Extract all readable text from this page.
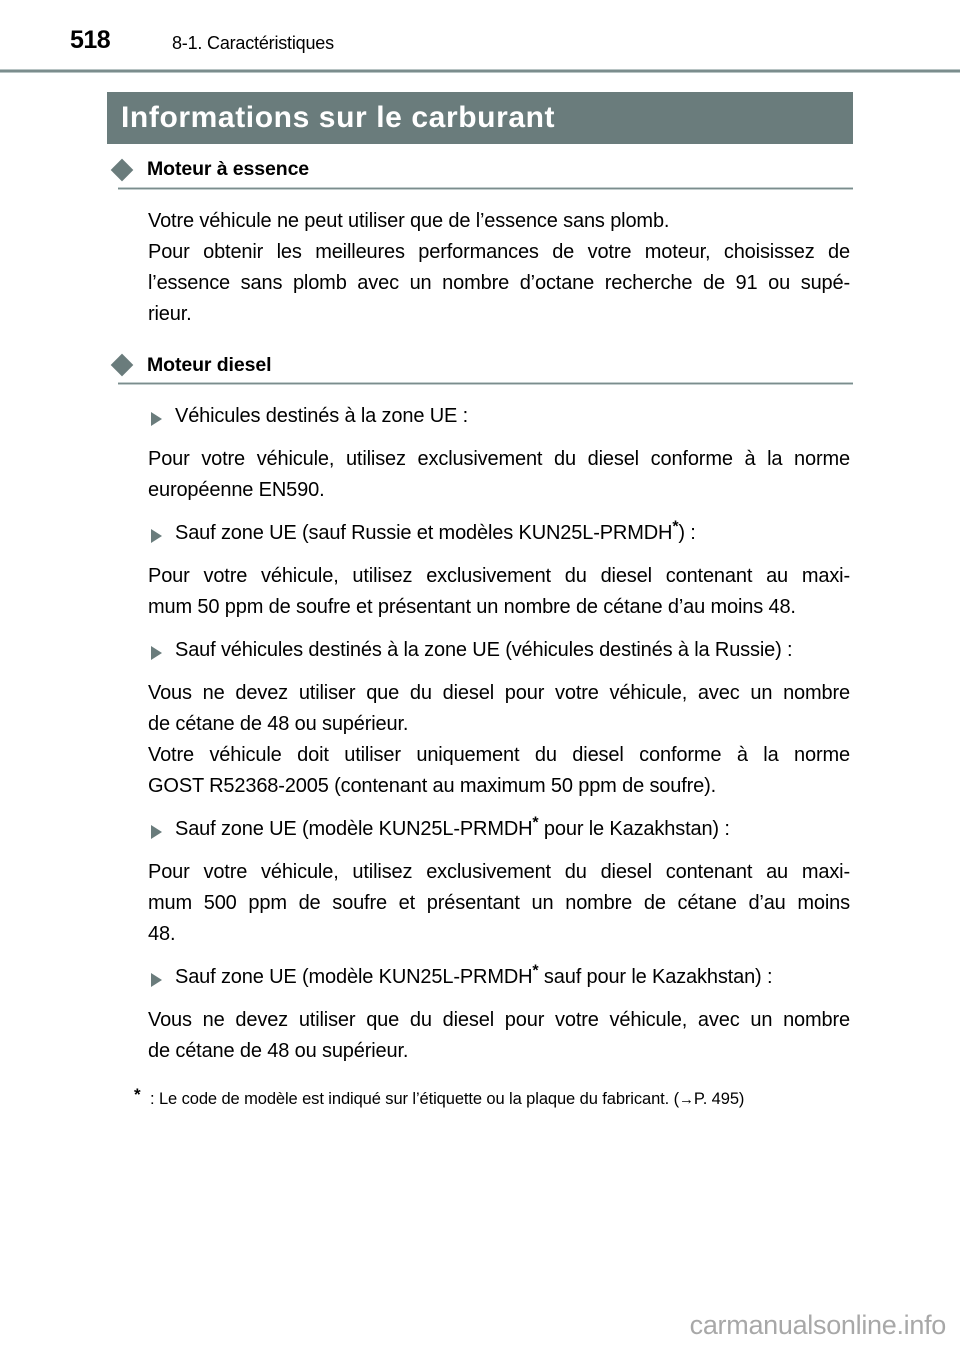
518	8-1. Caractéristiques
Informations sur le carburant
Moteur à essence
Votre véhicule ne peut utiliser que de l’essence sans plomb.
Pour obtenir les meilleures performances de votre moteur, choisissez de
l’essence sans plomb avec un nombre d’octane recherche de 91 ou supé-
rieur.
Moteur diesel
Véhicules destinés à la zone UE :
Pour votre véhicule, utilisez exclusivement du diesel conforme à la norme
européenne EN590.
Sauf zone UE (sauf Russie et modèles KUN25L-PRMDH*) :
Pour votre véhicule, utilisez exclusivement du diesel contenant au maxi-
mum 50 ppm de soufre et présentant un nombre de cétane d’au moins 48.
Sauf véhicules destinés à la zone UE (véhicules destinés à la Russie) :
Vous ne devez utiliser que du diesel pour votre véhicule, avec un nombre
de cétane de 48 ou supérieur.
Votre véhicule doit utiliser uniquement du diesel conforme à la norme
GOST R52368-2005 (contenant au maximum 50 ppm de soufre).
Sauf zone UE (modèle KUN25L-PRMDH* pour le Kazakhstan) :
Pour votre véhicule, utilisez exclusivement du diesel contenant au maxi-
mum 500 ppm de soufre et présentant un nombre de cétane d’au moins
48.
Sauf zone UE (modèle KUN25L-PRMDH* sauf pour le Kazakhstan) :
Vous ne devez utiliser que du diesel pour votre véhicule, avec un nombre
de cétane de 48 ou supérieur.
* : Le code de modèle est indiqué sur l’étiquette ou la plaque du fabricant. (→P. 495)
carmanualsonline.info
